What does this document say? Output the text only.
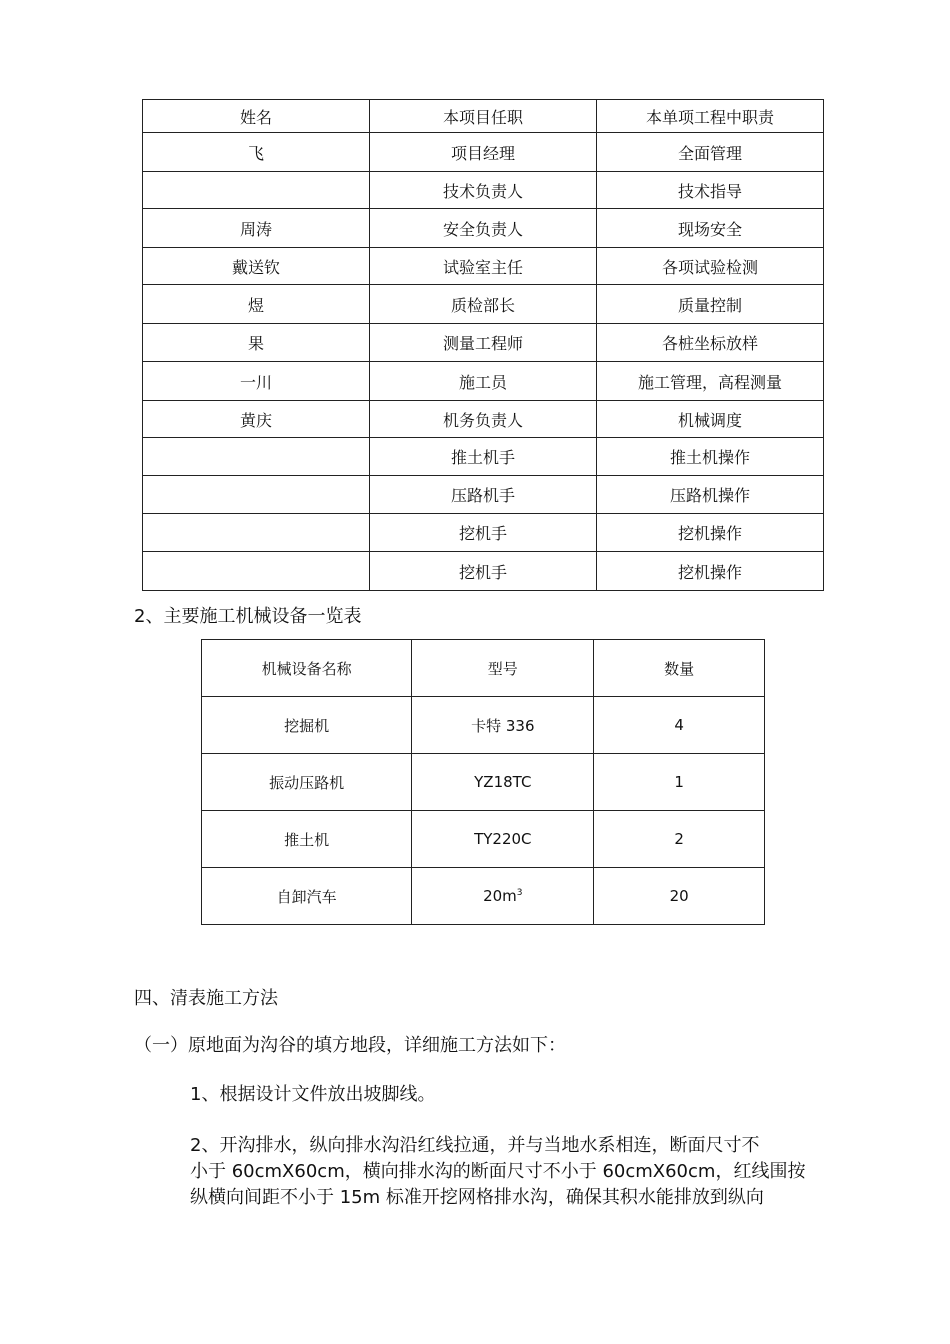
姓名	本项目任职	本单项工程中职责
飞	项目经理	全面管理
	技术负责人	技术指导
周涛	安全负责人	现场安全
戴送钦	试验室主任	各项试验检测
煜	质检部长	质量控制
果	测量工程师	各桩坐标放样
一川	施工员	施工管理，高程测量
黄庆	机务负责人	机械调度
	推土机手	推土机操作
	压路机手	压路机操作
	挖机手	挖机操作
	挖机手	挖机操作
2、主要施工机械设备一览表
机械设备名称	型号	数量
挖掘机	卡特 336	4
振动压路机	YZ18TC	1
推土机	TY220C	2
自卸汽车	$20m^3$	20
四、清表施工方法
（一）原地面为沟谷的填方地段，详细施工方法如下：
1、根据设计文件放出坡脚线。
2、开沟排水，纵向排水沟沿红线拉通，并与当地水系相连，断面尺寸不
小于 60cmX60cm，横向排水沟的断面尺寸不小于 60cmX60cm，红线围按
纵横向间距不小于 15m 标准开挖网格排水沟，确保其积水能排放到纵向
